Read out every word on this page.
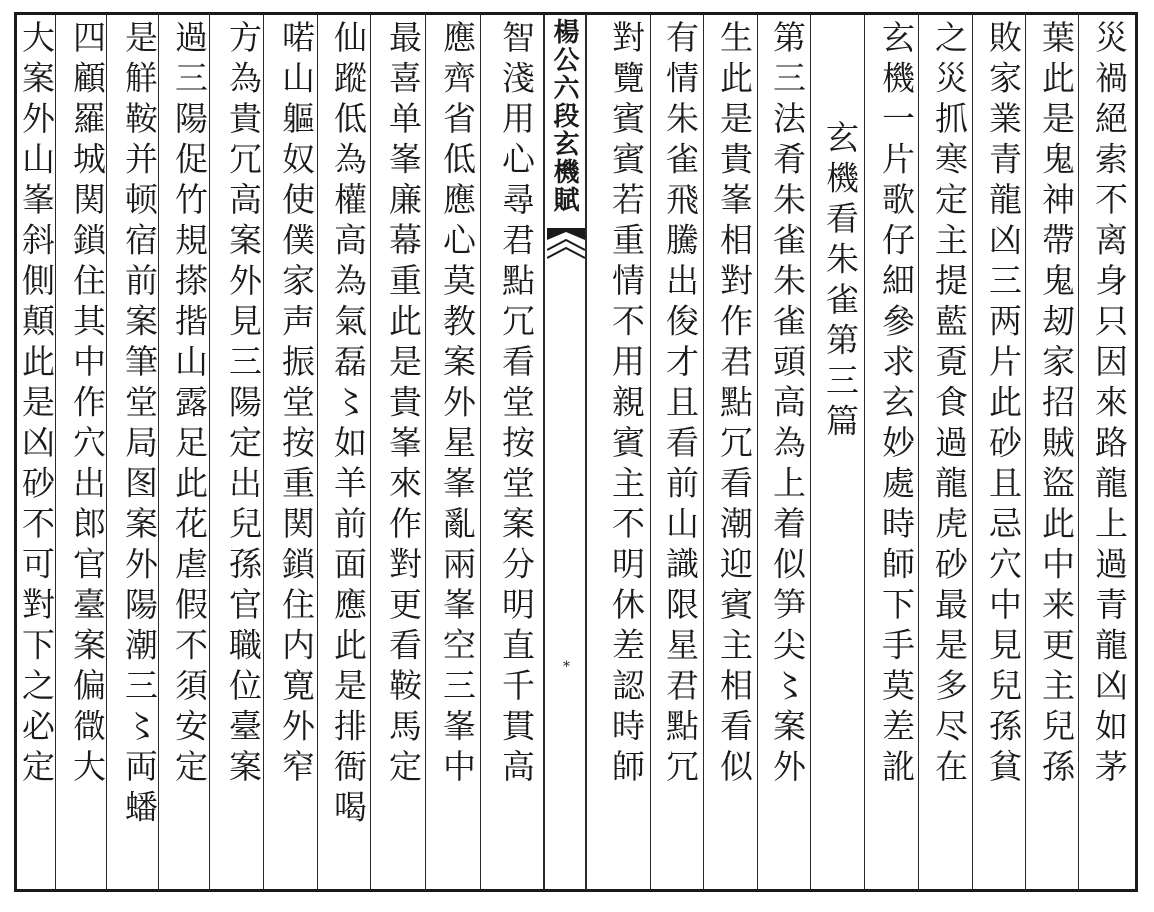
智淺用心尋君點冗看堂按堂案分明直千貫高
應齊省低應心莫教案外星峯亂兩峯空三峯中
最喜单峯廉幕重此是貴峯來作對更看鞍馬定
仙蹤低為權高為氣磊〻如羊前面應此是排衙喝
喏山軀奴使僕家声振堂按重関鎖住内寛外窄
方為貴冗高案外見三陽定出兒孫官職位臺案
過三陽促竹規搽揩山露足此花虐假不須安定
是觧鞍并顿宿前案筆堂局图案外陽潮三〻両蟠
四顧羅城関鎖住其中作穴出郎官臺案偏㣲大
大案外山峯斜側顛此是凶砂不可對下之必定	楊公六段玄機賦
* 對覽賓賓若重情不用親賓主不明休差認時師 有情朱雀飛騰出俊才且看前山識限星君點冗 生此是貴峯相對作君點冗看潮迎賓主相看似 第三法肴朱雀朱雀頭高為上着似笋尖〻案外 玄機看朱雀第三篇 玄機一片歌仔細參求玄妙處時師下手莫差訛 之災抓寒定主提藍覔食過龍虎砂最是多尽在 敗家業青龍凶三两片此砂且忌穴中見兒孫貧 葉此是鬼神帶鬼刼家招賊盜此中来更主兒孫 災禍絕索不离身只因來路龍上過青龍凶如茅
